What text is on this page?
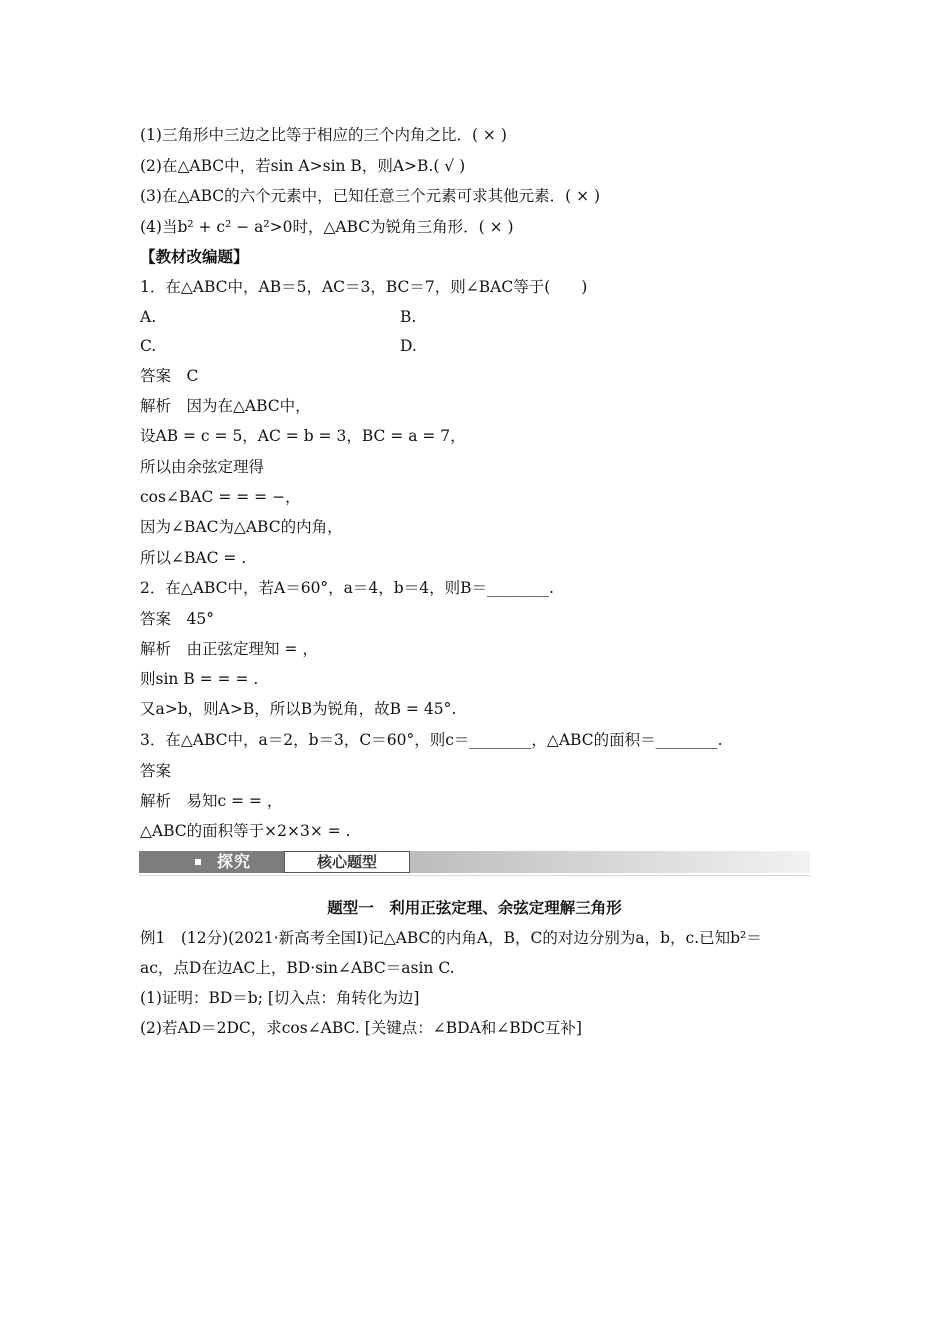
(1)三角形中三边之比等于相应的三个内角之比．( × )
(2)在△ABC中，若sin A>sin B，则A>B.( √ )
(3)在△ABC的六个元素中，已知任意三个元素可求其他元素．( × )
(4)当b² + c² − a²>0时，△ABC为锐角三角形．( × )
【教材改编题】
1．在△ABC中，AB＝5，AC＝3，BC＝7，则∠BAC等于(　　)
A.	B.
C.	D.
答案　C
解析　因为在△ABC中，
设AB = c = 5，AC = b = 3，BC = a = 7，
所以由余弦定理得
cos∠BAC = = = −，
因为∠BAC为△ABC的内角，
所以∠BAC = .
2．在△ABC中，若A＝60°，a＝4，b＝4，则B＝________.
答案　45°
解析　由正弦定理知 = ，
则sin B = = = .
又a>b，则A>B，所以B为锐角，故B = 45°.
3．在△ABC中，a＝2，b＝3，C＝60°，则c＝________，△ABC的面积＝________.
答案
解析　易知c = = ，
△ABC的面积等于×2×3× = .
探究	核心题型
题型一　利用正弦定理、余弦定理解三角形
例1　(12分)(2021·新高考全国Ⅰ)记△ABC的内角A，B，C的对边分别为a，b，c.已知b²＝
ac，点D在边AC上，BD·sin∠ABC＝asin C.
(1)证明：BD＝b; [切入点：角转化为边]
(2)若AD＝2DC，求cos∠ABC. [关键点：∠BDA和∠BDC互补]
